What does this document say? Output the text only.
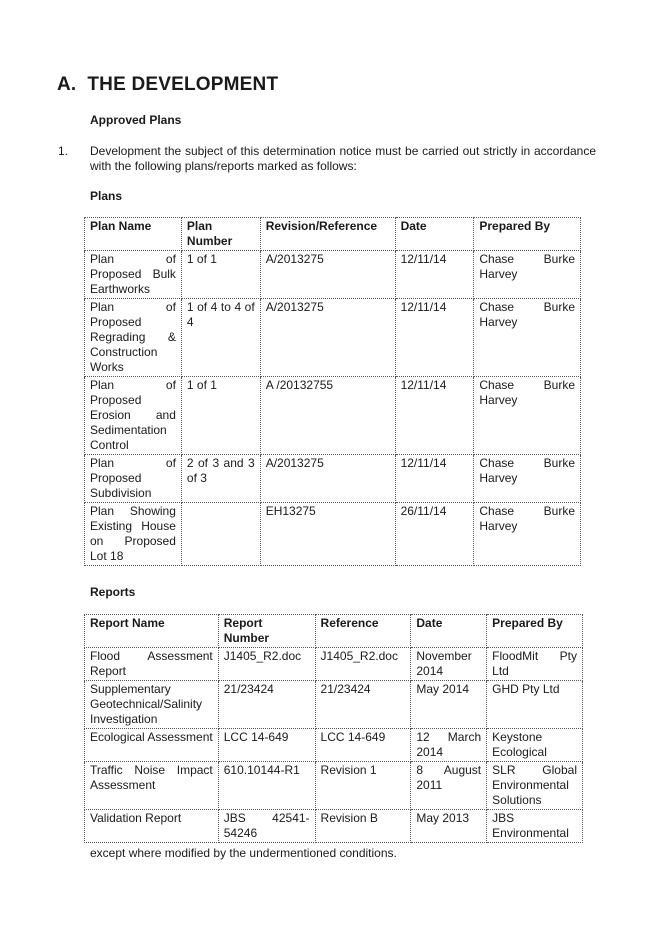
A. THE DEVELOPMENT
Approved Plans
1. Development the subject of this determination notice must be carried out strictly in accordance with the following plans/reports marked as follows:
Plans
Plan Name	Plan Number	Revision/Reference	Date	Prepared By
Plan of Proposed Bulk Earthworks	1 of 1	A/2013275	12/11/14	Chase Burke Harvey
Plan of Proposed Regrading & Construction Works	1 of 4 to 4 of 4	A/2013275	12/11/14	Chase Burke Harvey
Plan of Proposed Erosion and Sedimentation Control	1 of 1	A /20132755	12/11/14	Chase Burke Harvey
Plan of Proposed Subdivision	2 of 3 and 3 of 3	A/2013275	12/11/14	Chase Burke Harvey
Plan Showing Existing House on Proposed Lot 18		EH13275	26/11/14	Chase Burke Harvey
Reports
Report Name	Report Number	Reference	Date	Prepared By
Flood Assessment Report	J1405_R2.doc	J1405_R2.doc	November 2014	FloodMit Pty Ltd
Supplementary Geotechnical/Salinity Investigation	21/23424	21/23424	May 2014	GHD Pty Ltd
Ecological Assessment	LCC 14-649	LCC 14-649	12 March 2014	Keystone Ecological
Traffic Noise Impact Assessment	610.10144-R1	Revision 1	8 August 2011	SLR Global Environmental Solutions
Validation Report	JBS 42541-54246	Revision B	May 2013	JBS Environmental
except where modified by the undermentioned conditions.
